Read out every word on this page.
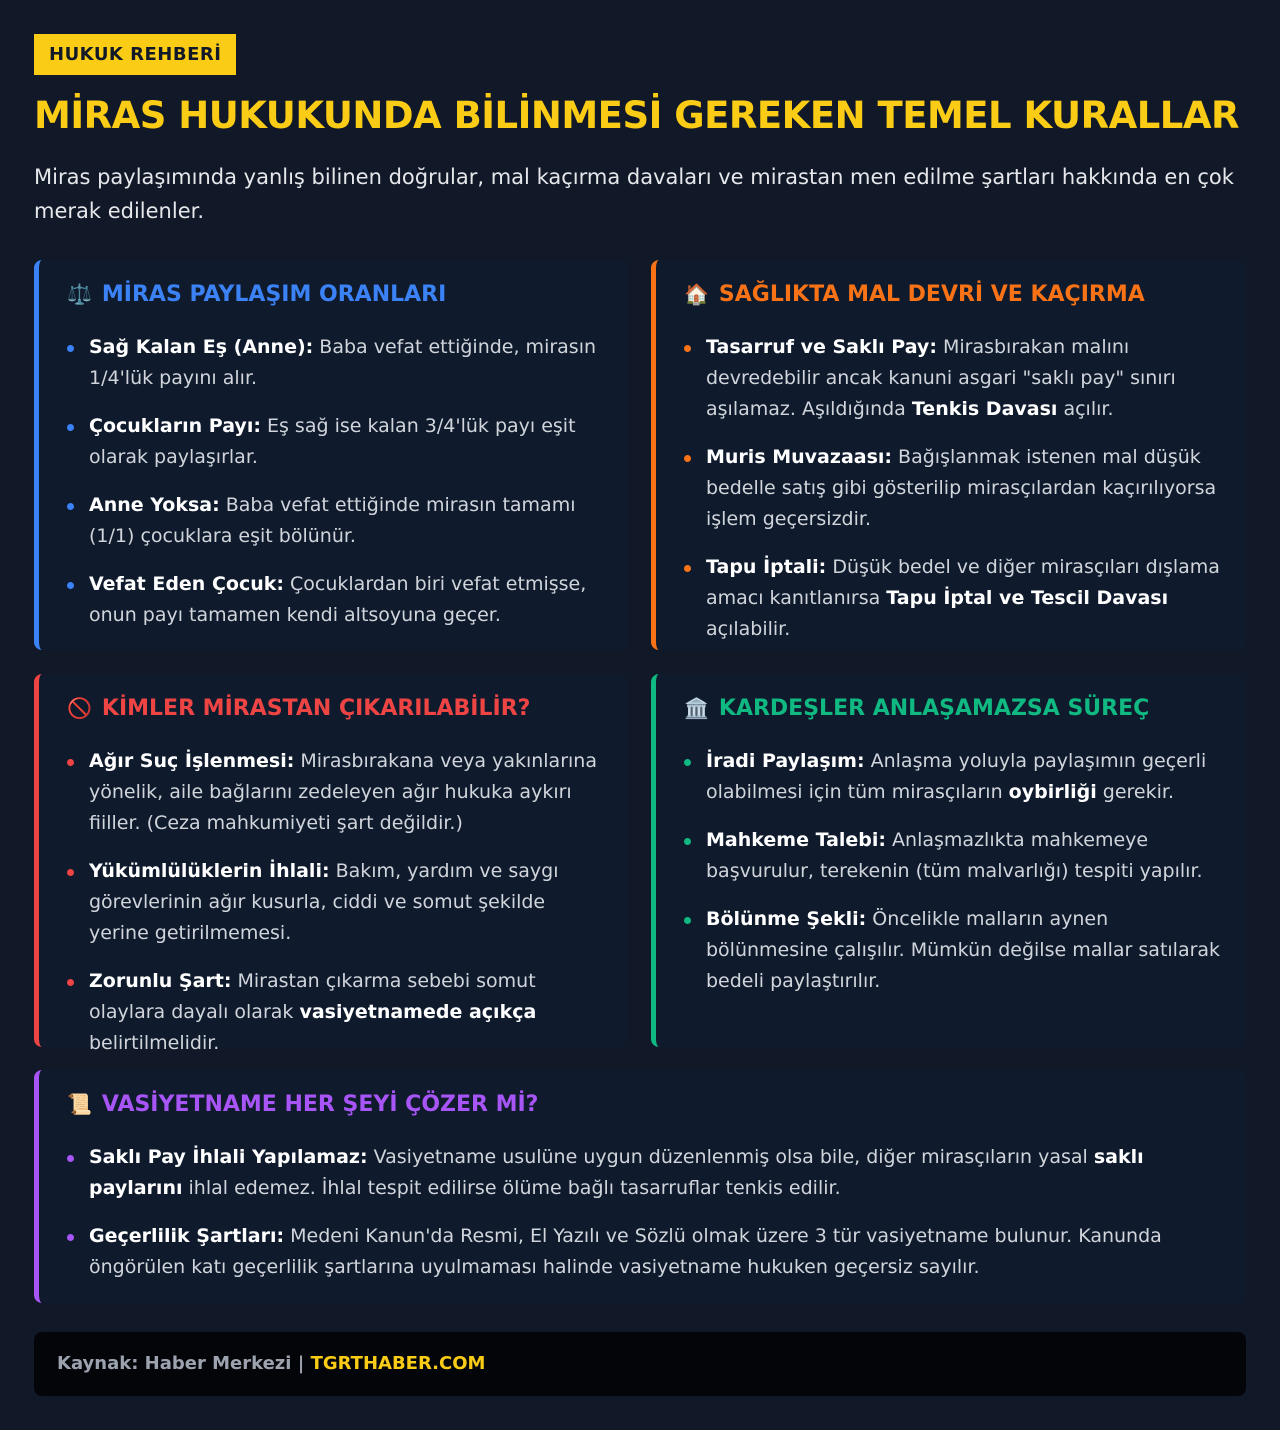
HUKUK REHBERİ
MİRAS HUKUKUNDA BİLİNMESİ GEREKEN TEMEL KURALLAR

Miras paylaşımında yanlış bilinen doğrular, mal kaçırma davaları ve mirastan men edilme şartları hakkında en çok merak edilenler.

⚖️ MİRAS PAYLAŞIM ORANLARI
Sağ Kalan Eş (Anne): Baba vefat ettiğinde, mirasın 1/4'lük payını alır.
Çocukların Payı: Eş sağ ise kalan 3/4'lük payı eşit olarak paylaşırlar.
Anne Yoksa: Baba vefat ettiğinde mirasın tamamı (1/1) çocuklara eşit bölünür.
Vefat Eden Çocuk: Çocuklardan biri vefat etmişse, onun payı tamamen kendi altsoyuna geçer.
🏠 SAĞLIKTA MAL DEVRİ VE KAÇIRMA
Tasarruf ve Saklı Pay: Mirasbırakan malını devredebilir ancak kanuni asgari "saklı pay" sınırı aşılamaz. Aşıldığında Tenkis Davası açılır.
Muris Muvazaası: Bağışlanmak istenen mal düşük bedelle satış gibi gösterilip mirasçılardan kaçırılıyorsa işlem geçersizdir.
Tapu İptali: Düşük bedel ve diğer mirasçıları dışlama amacı kanıtlanırsa Tapu İptal ve Tescil Davası açılabilir.
🚫 KİMLER MİRASTAN ÇIKARILABİLİR?
Ağır Suç İşlenmesi: Mirasbırakana veya yakınlarına yönelik, aile bağlarını zedeleyen ağır hukuka aykırı fiiller. (Ceza mahkumiyeti şart değildir.)
Yükümlülüklerin İhlali: Bakım, yardım ve saygı görevlerinin ağır kusurla, ciddi ve somut şekilde yerine getirilmemesi.
Zorunlu Şart: Mirastan çıkarma sebebi somut olaylara dayalı olarak vasiyetnamede açıkça belirtilmelidir.
🏛️ KARDEŞLER ANLAŞAMAZSA SÜREÇ
İradi Paylaşım: Anlaşma yoluyla paylaşımın geçerli olabilmesi için tüm mirasçıların oybirliği gerekir.
Mahkeme Talebi: Anlaşmazlıkta mahkemeye başvurulur, terekenin (tüm malvarlığı) tespiti yapılır.
Bölünme Şekli: Öncelikle malların aynen bölünmesine çalışılır. Mümkün değilse mallar satılarak bedeli paylaştırılır.
📜 VASİYETNAME HER ŞEYİ ÇÖZER Mİ?
Saklı Pay İhlali Yapılamaz: Vasiyetname usulüne uygun düzenlenmiş olsa bile, diğer mirasçıların yasal saklı paylarını ihlal edemez. İhlal tespit edilirse ölüme bağlı tasarruflar tenkis edilir.
Geçerlilik Şartları: Medeni Kanun'da Resmi, El Yazılı ve Sözlü olmak üzere 3 tür vasiyetname bulunur. Kanunda öngörülen katı geçerlilik şartlarına uyulmaması halinde vasiyetname hukuken geçersiz sayılır.
Kaynak: Haber Merkezi | TGRTHABER.COM
